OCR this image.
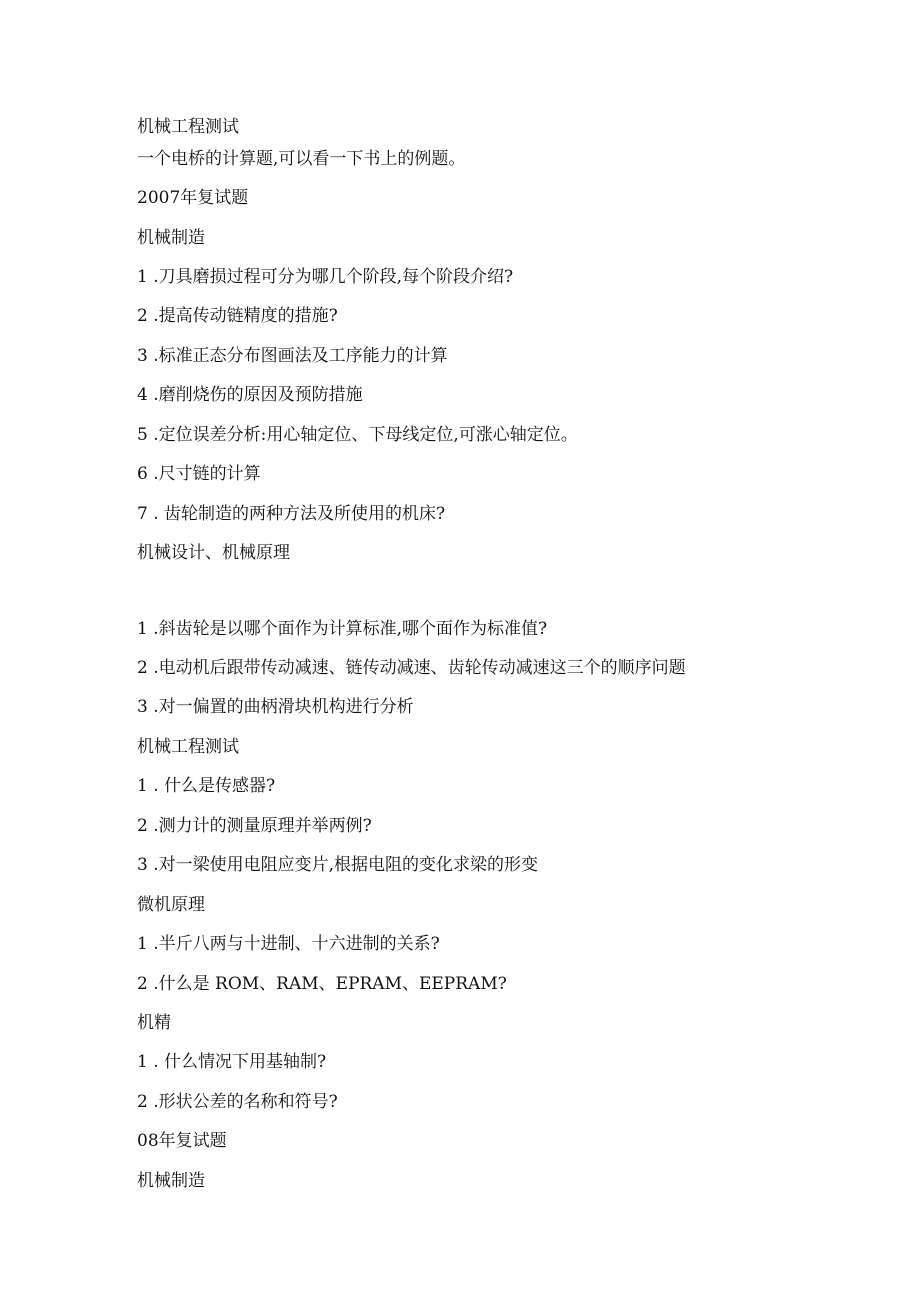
机械工程测试
一个电桥的计算题,可以看一下书上的例题。
2007年复试题
机械制造
1 .刀具磨损过程可分为哪几个阶段,每个阶段介绍?
2 .提高传动链精度的措施?
3 .标准正态分布图画法及工序能力的计算
4 .磨削烧伤的原因及预防措施
5 .定位误差分析:用心轴定位、下母线定位,可涨心轴定位。
6 .尺寸链的计算
7 . 齿轮制造的两种方法及所使用的机床?
机械设计、机械原理
1 .斜齿轮是以哪个面作为计算标准,哪个面作为标准值?
2 .电动机后跟带传动减速、链传动减速、齿轮传动减速这三个的顺序问题
3 .对一偏置的曲柄滑块机构进行分析
机械工程测试
1 . 什么是传感器?
2 .测力计的测量原理并举两例?
3 .对一梁使用电阻应变片,根据电阻的变化求梁的形变
微机原理
1 .半斤八两与十进制、十六进制的关系?
2 .什么是 ROM、RAM、EPRAM、EEPRAM?
机精
1 . 什么情况下用基轴制?
2 .形状公差的名称和符号?
08年复试题
机械制造
